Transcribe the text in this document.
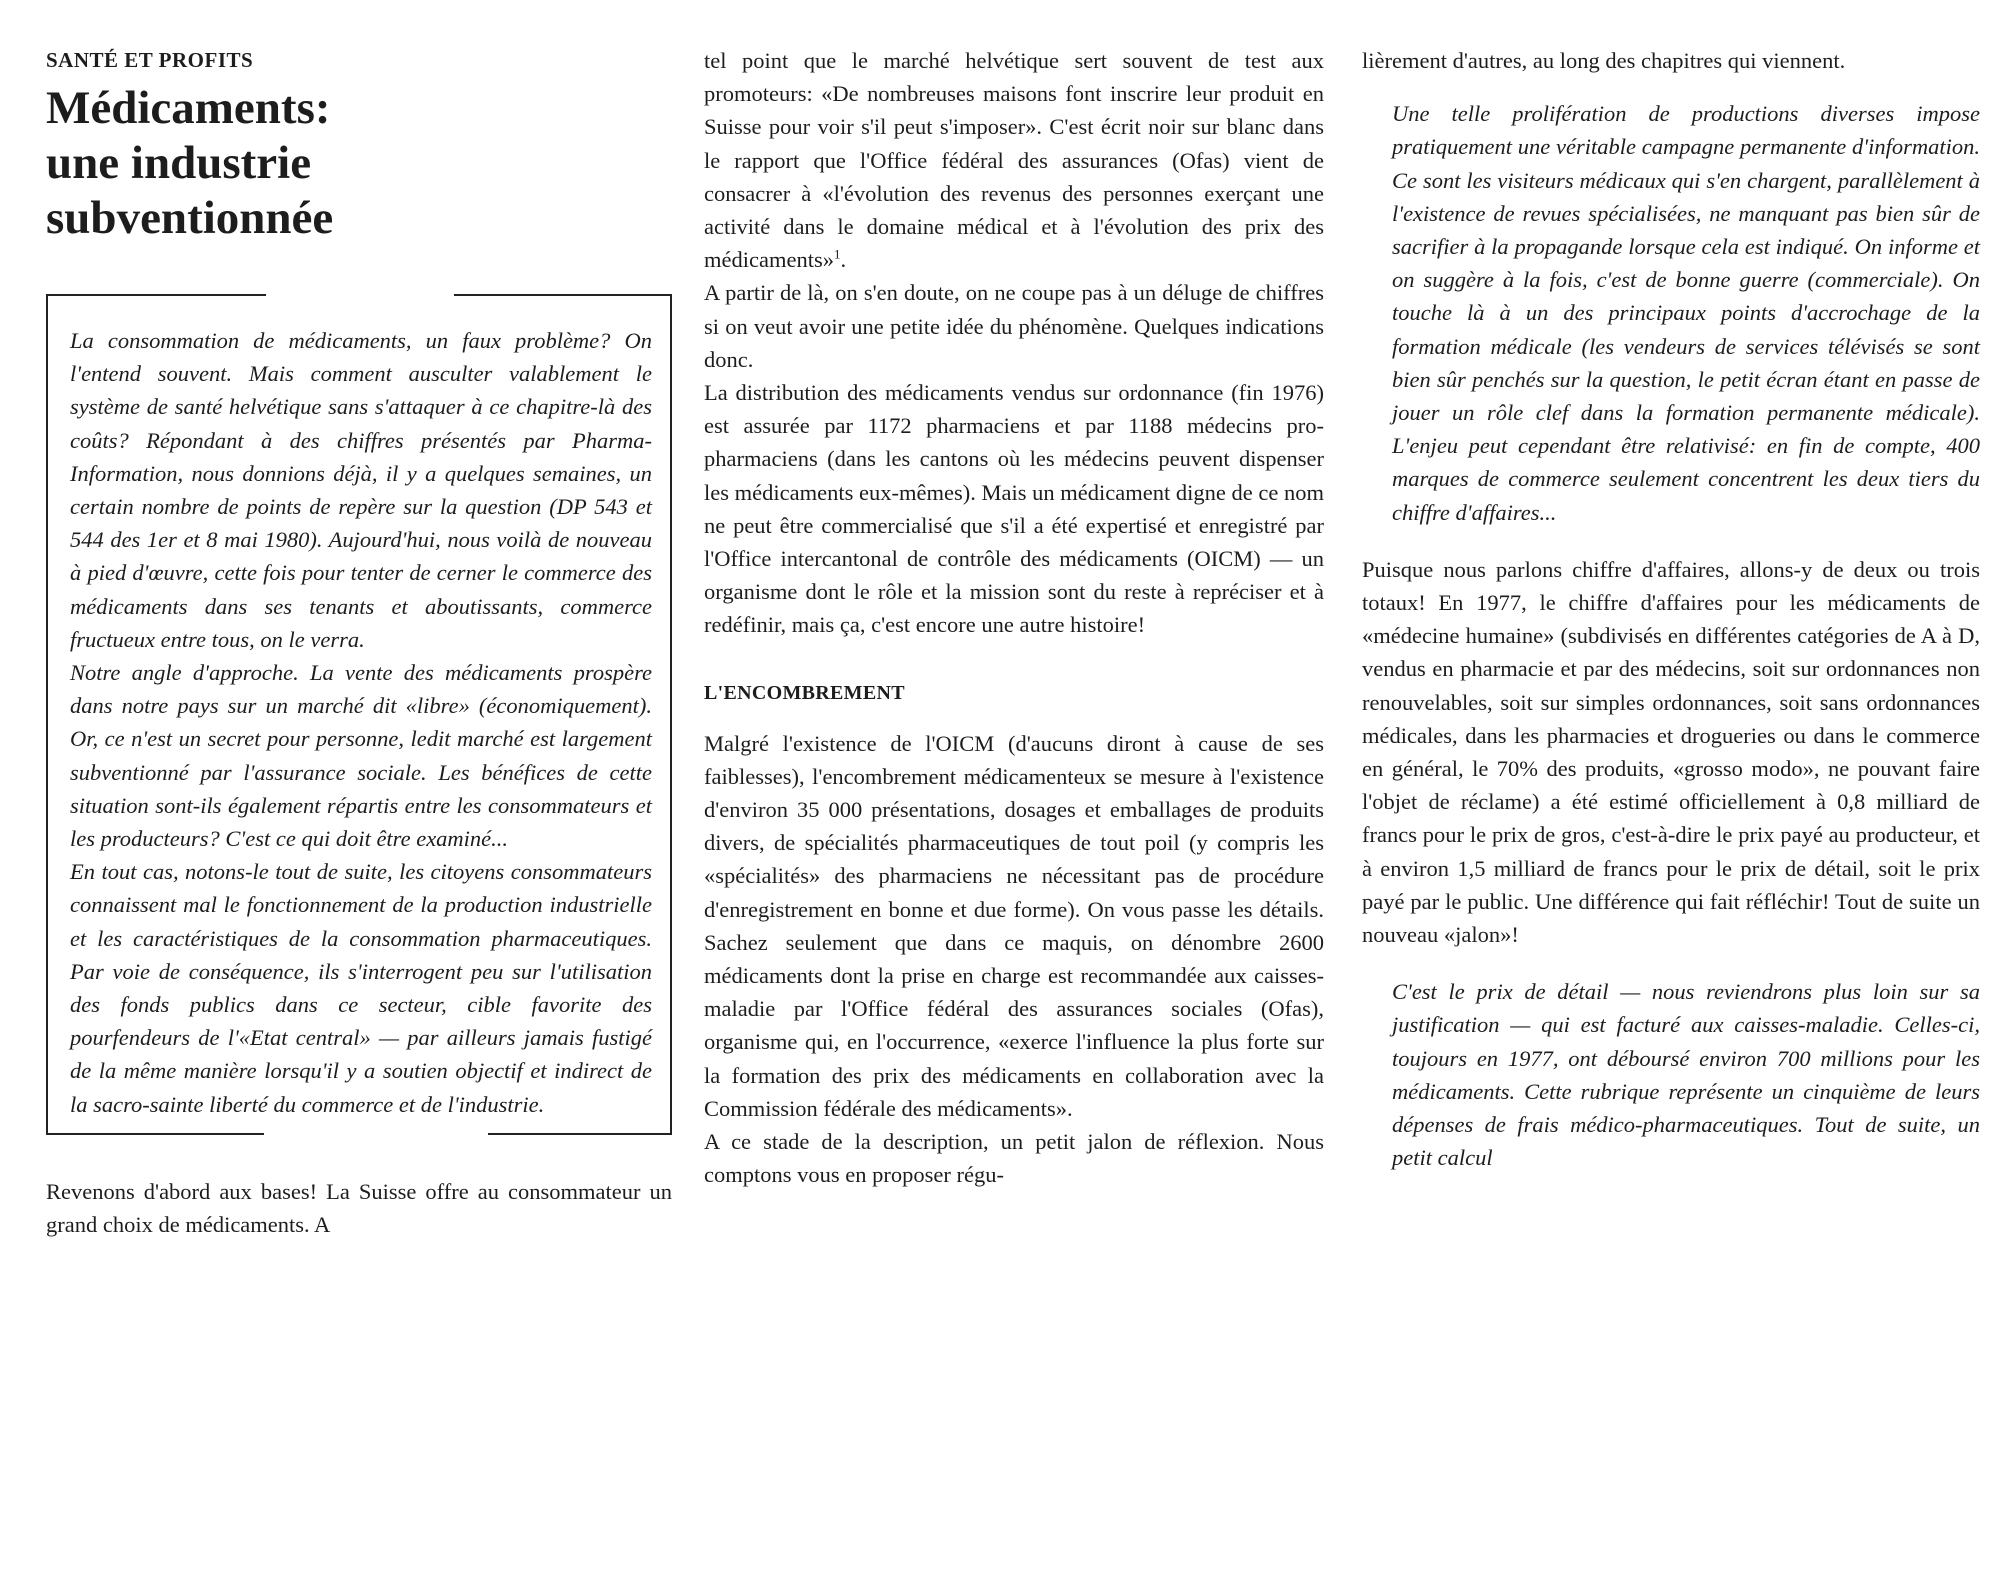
SANTÉ ET PROFITS
Médicaments:
une industrie
subventionnée

La consommation de médicaments, un faux problème? On l'entend souvent. Mais comment ausculter valablement le système de santé helvétique sans s'attaquer à ce chapitre-là des coûts? Répondant à des chiffres présentés par Pharma-Information, nous donnions déjà, il y a quelques semaines, un certain nombre de points de repère sur la question (DP 543 et 544 des 1er et 8 mai 1980). Aujourd'hui, nous voilà de nouveau à pied d'œuvre, cette fois pour tenter de cerner le commerce des médicaments dans ses tenants et aboutissants, commerce fructueux entre tous, on le verra.

Notre angle d'approche. La vente des médicaments prospère dans notre pays sur un marché dit «libre» (économiquement). Or, ce n'est un secret pour personne, ledit marché est largement subventionné par l'assurance sociale. Les bénéfices de cette situation sont-ils également répartis entre les consommateurs et les producteurs? C'est ce qui doit être examiné...

En tout cas, notons-le tout de suite, les citoyens consommateurs connaissent mal le fonctionnement de la production industrielle et les caractéristiques de la consommation pharmaceutiques. Par voie de conséquence, ils s'interrogent peu sur l'utilisation des fonds publics dans ce secteur, cible favorite des pourfendeurs de l'«Etat central» — par ailleurs jamais fustigé de la même manière lorsqu'il y a soutien objectif et indirect de la sacro-sainte liberté du commerce et de l'industrie.

Revenons d'abord aux bases! La Suisse offre au consommateur un grand choix de médicaments. A

tel point que le marché helvétique sert souvent de test aux promoteurs: «De nombreuses maisons font inscrire leur produit en Suisse pour voir s'il peut s'imposer». C'est écrit noir sur blanc dans le rapport que l'Office fédéral des assurances (Ofas) vient de consacrer à «l'évolution des revenus des personnes exerçant une activité dans le domaine médical et à l'évolution des prix des médicaments»$^1$.

A partir de là, on s'en doute, on ne coupe pas à un déluge de chiffres si on veut avoir une petite idée du phénomène. Quelques indications donc.

La distribution des médicaments vendus sur ordonnance (fin 1976) est assurée par 1172 pharmaciens et par 1188 médecins pro-pharmaciens (dans les cantons où les médecins peuvent dispenser les médicaments eux-mêmes). Mais un médicament digne de ce nom ne peut être commercialisé que s'il a été expertisé et enregistré par l'Office intercantonal de contrôle des médicaments (OICM) — un organisme dont le rôle et la mission sont du reste à repréciser et à redéfinir, mais ça, c'est encore une autre histoire!

L'ENCOMBREMENT

Malgré l'existence de l'OICM (d'aucuns diront à cause de ses faiblesses), l'encombrement médicamenteux se mesure à l'existence d'environ 35 000 présentations, dosages et emballages de produits divers, de spécialités pharmaceutiques de tout poil (y compris les «spécialités» des pharmaciens ne nécessitant pas de procédure d'enregistrement en bonne et due forme). On vous passe les détails. Sachez seulement que dans ce maquis, on dénombre 2600 médicaments dont la prise en charge est recommandée aux caisses-maladie par l'Office fédéral des assurances sociales (Ofas), organisme qui, en l'occurrence, «exerce l'influence la plus forte sur la formation des prix des médicaments en collaboration avec la Commission fédérale des médicaments».

A ce stade de la description, un petit jalon de réflexion. Nous comptons vous en proposer régu-

lièrement d'autres, au long des chapitres qui viennent.

Une telle prolifération de productions diverses impose pratiquement une véritable campagne permanente d'information. Ce sont les visiteurs médicaux qui s'en chargent, parallèlement à l'existence de revues spécialisées, ne manquant pas bien sûr de sacrifier à la propagande lorsque cela est indiqué. On informe et on suggère à la fois, c'est de bonne guerre (commerciale). On touche là à un des principaux points d'accrochage de la formation médicale (les vendeurs de services télévisés se sont bien sûr penchés sur la question, le petit écran étant en passe de jouer un rôle clef dans la formation permanente médicale). L'enjeu peut cependant être relativisé: en fin de compte, 400 marques de commerce seulement concentrent les deux tiers du chiffre d'affaires...

Puisque nous parlons chiffre d'affaires, allons-y de deux ou trois totaux! En 1977, le chiffre d'affaires pour les médicaments de «médecine humaine» (subdivisés en différentes catégories de A à D, vendus en pharmacie et par des médecins, soit sur ordonnances non renouvelables, soit sur simples ordonnances, soit sans ordonnances médicales, dans les pharmacies et drogueries ou dans le commerce en général, le 70% des produits, «grosso modo», ne pouvant faire l'objet de réclame) a été estimé officiellement à 0,8 milliard de francs pour le prix de gros, c'est-à-dire le prix payé au producteur, et à environ 1,5 milliard de francs pour le prix de détail, soit le prix payé par le public. Une différence qui fait réfléchir! Tout de suite un nouveau «jalon»!

C'est le prix de détail — nous reviendrons plus loin sur sa justification — qui est facturé aux caisses-maladie. Celles-ci, toujours en 1977, ont déboursé environ 700 millions pour les médicaments. Cette rubrique représente un cinquième de leurs dépenses de frais médico-pharmaceutiques. Tout de suite, un petit calcul
